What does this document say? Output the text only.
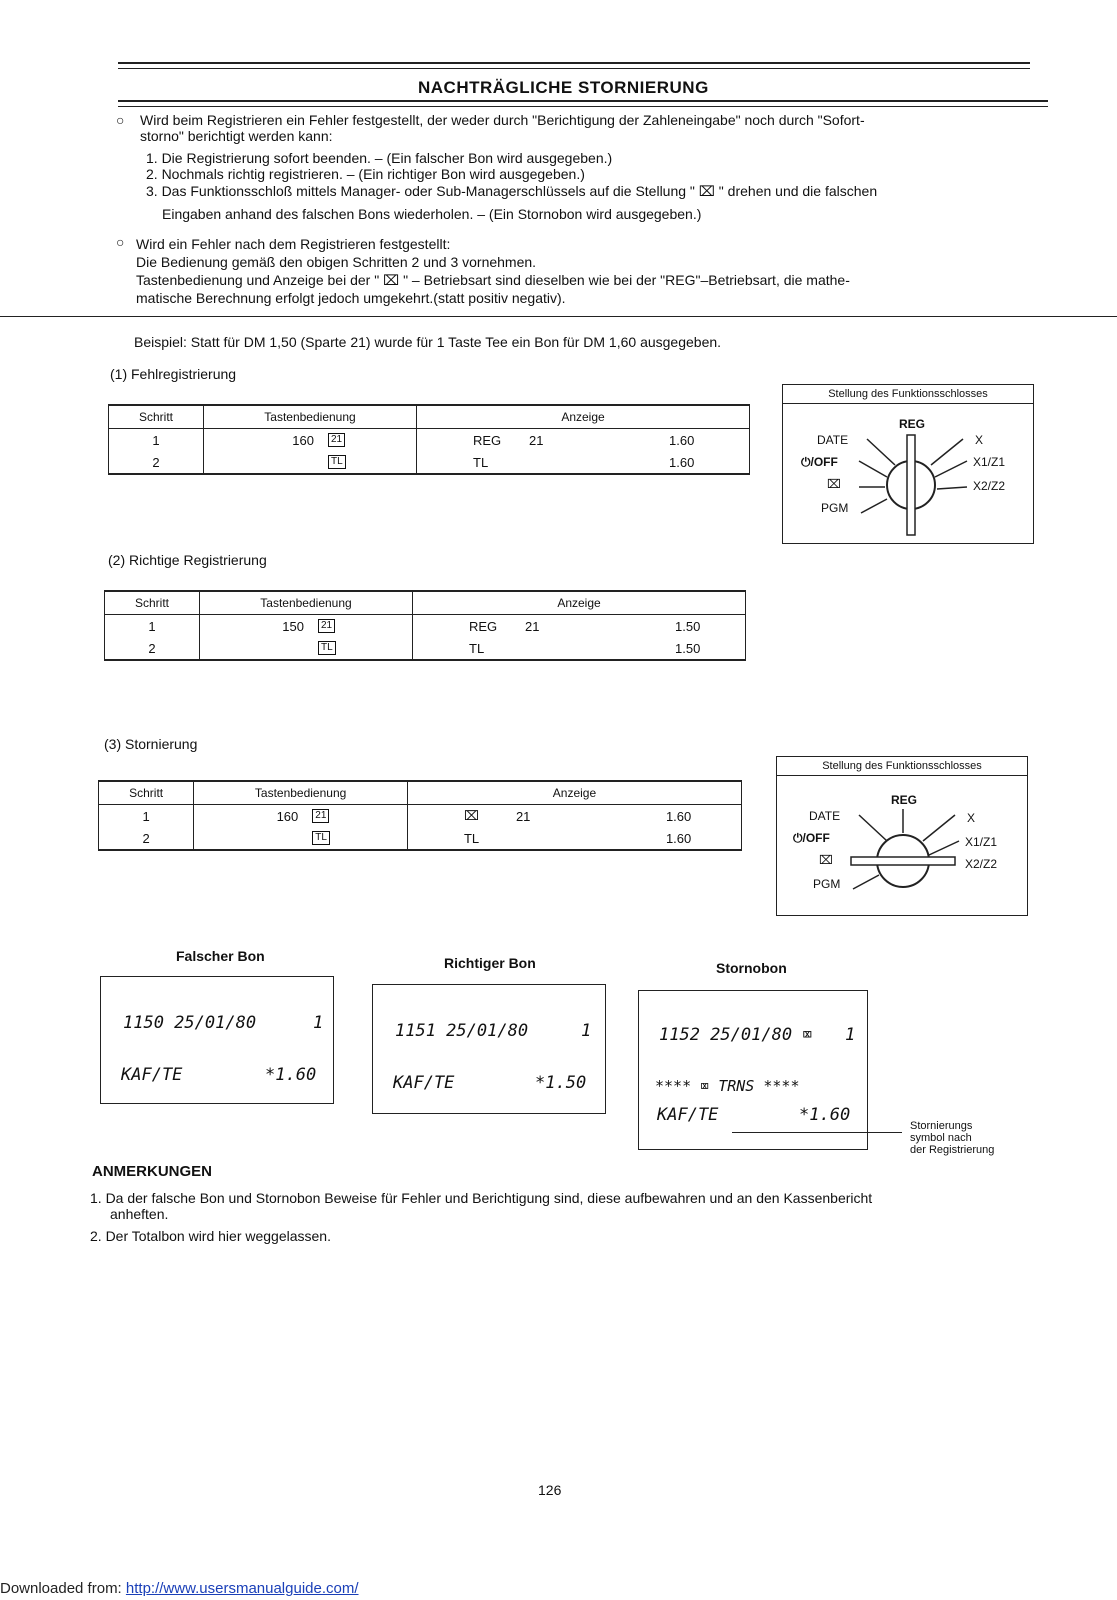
NACHTRÄGLICHE STORNIERUNG
○ Wird beim Registrieren ein Fehler festgestellt, der weder durch "Berichtigung der Zahleneingabe" noch durch "Sofort-
storno" berichtigt werden kann:
1. Die Registrierung sofort beenden. – (Ein falscher Bon wird ausgegeben.)
2. Nochmals richtig registrieren. – (Ein richtiger Bon wird ausgegeben.)
3. Das Funktionsschloß mittels Manager- oder Sub-Managerschlüssels auf die Stellung " ⌧ " drehen und die falschen
Eingaben anhand des falschen Bons wiederholen. – (Ein Stornobon wird ausgegeben.)
○ Wird ein Fehler nach dem Registrieren festgestellt:
Die Bedienung gemäß den obigen Schritten 2 und 3 vornehmen.
Tastenbedienung und Anzeige bei der " ⌧ " – Betriebsart sind dieselben wie bei der "REG"–Betriebsart, die mathe-
matische Berechnung erfolgt jedoch umgekehrt.(statt positiv negativ).
Beispiel: Statt für DM 1,50 (Sparte 21) wurde für 1 Taste Tee ein Bon für DM 1,60 ausgegeben.
(1) Fehlregistrierung
Schritt	Tastenbedienung	Anzeige
1	160 21	REG 21 1.60

2	TL	TL 1.60
Stellung des Funktionsschlosses
REG
DATE
⏻/OFF
⌧
PGM
X
X1/Z1
X2/Z2
(2) Richtige Registrierung
Schritt	Tastenbedienung	Anzeige
1	150 21	REG 21 1.50

2	TL	TL 1.50
(3) Stornierung
Schritt	Tastenbedienung	Anzeige
1	160 21	⌧ 21 1.60

2	TL	TL 1.60
Stellung des Funktionsschlosses
REG
DATE
⏻/OFF
⌧
PGM
X
X1/Z1
X2/Z2
Falscher Bon	Richtiger Bon	Stornobon
1150 25/01/80	1
KAF/TE	*1.60
1151 25/01/80	1
KAF/TE	*1.50
1152 25/01/80 ⌧ 1
**** ⌧ TRNS ****
KAF/TE	*1.60
Stornierungs
symbol nach
der Registrierung
ANMERKUNGEN
1. Da der falsche Bon und Stornobon Beweise für Fehler und Berichtigung sind, diese aufbewahren und an den Kassenbericht
anheften.
2. Der Totalbon wird hier weggelassen.
126
Downloaded from: http://www.usersmanualguide.com/
